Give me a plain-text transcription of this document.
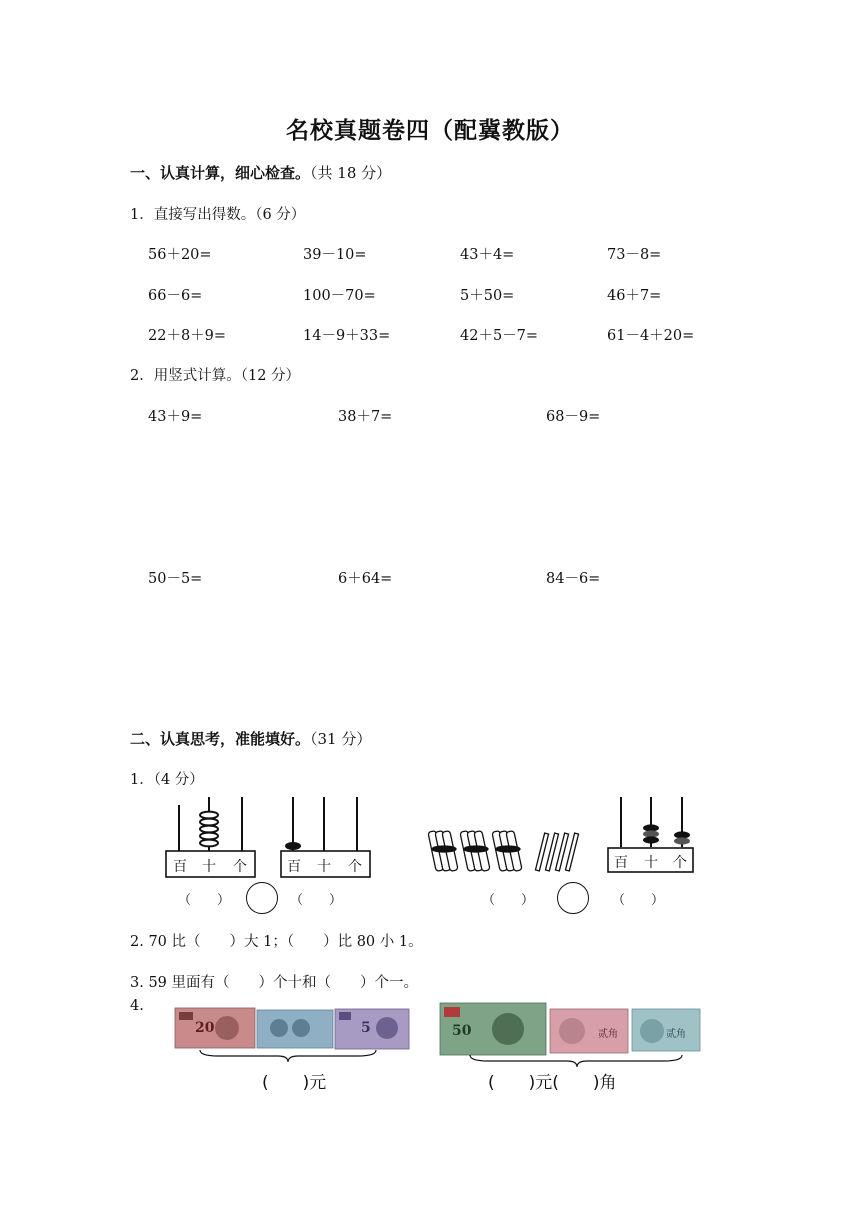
名校真题卷四（配冀教版）
一、认真计算，细心检查。（共 18 分）
1．直接写出得数。（6 分）
56＋20=	39－10=	43＋4=	73－8=
66－6=	100－70=	5＋50=	46＋7=
22＋8＋9=	14－9＋33=	42＋5－7=	61－4＋20=
2．用竖式计算。（12 分）
43＋9=	38＋7=	68－9=
50－5=	6＋64=	84－6=
二、认真思考，准能填好。（31 分）
1．（4 分）
百 十 个	百 十 个	百 十 个
（　　）	（　　）	（　　）	（　　）
2. 70 比（　　）大 1；（　　）比 80 小 1。
3. 59 里面有（　　）个十和（　　）个一。
4.
20	5
(　　)元
50	贰角	贰角
(　　)元(　　)角
